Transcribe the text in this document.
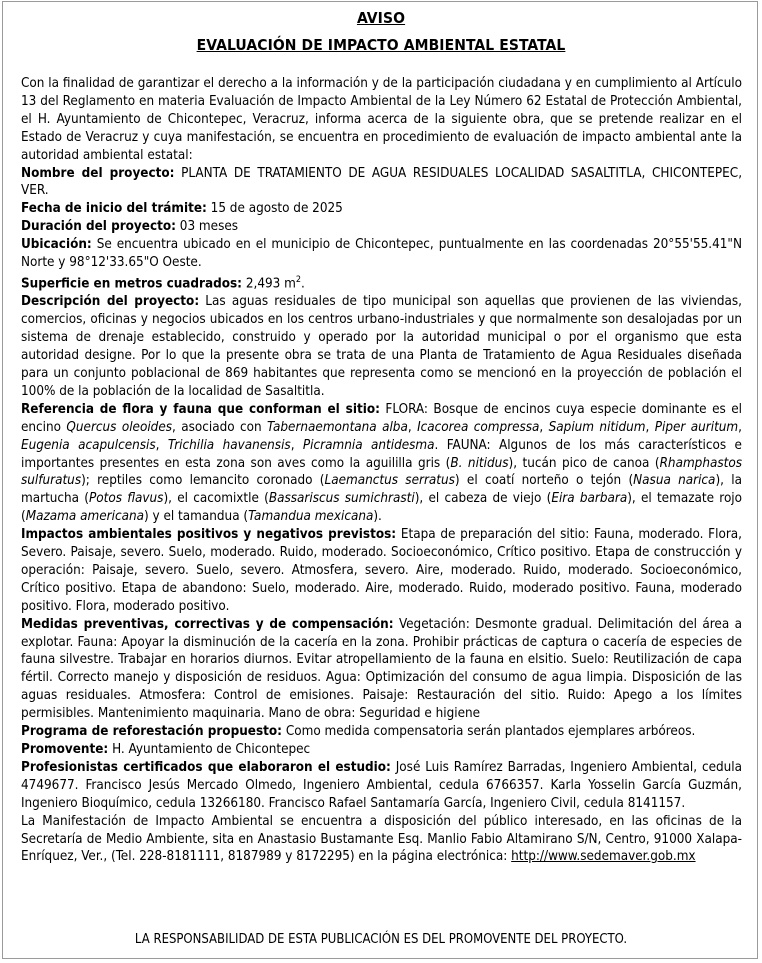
AVISO
EVALUACIÓN DE IMPACTO AMBIENTAL ESTATAL

Con la finalidad de garantizar el derecho a la información y de la participación ciudadana y en cumplimiento al Artículo 13 del Reglamento en materia Evaluación de Impacto Ambiental de la Ley Número 62 Estatal de Protección Ambiental, el H. Ayuntamiento de Chicontepec, Veracruz, informa acerca de la siguiente obra, que se pretende realizar en el Estado de Veracruz y cuya manifestación, se encuentra en procedimiento de evaluación de impacto ambiental ante la autoridad ambiental estatal:

Nombre del proyecto: PLANTA DE TRATAMIENTO DE AGUA RESIDUALES LOCALIDAD SASALTITLA, CHICONTEPEC, VER.

Fecha de inicio del trámite: 15 de agosto de 2025

Duración del proyecto: 03 meses

Ubicación: Se encuentra ubicado en el municipio de Chicontepec, puntualmente en las coordenadas 20°55'55.41"N Norte y 98°12'33.65"O Oeste.

Superficie en metros cuadrados: 2,493 $m^2$.

Descripción del proyecto: Las aguas residuales de tipo municipal son aquellas que provienen de las viviendas, comercios, oficinas y negocios ubicados en los centros urbano-industriales y que normalmente son desalojadas por un sistema de drenaje establecido, construido y operado por la autoridad municipal o por el organismo que esta autoridad designe. Por lo que la presente obra se trata de una Planta de Tratamiento de Agua Residuales diseñada para un conjunto poblacional de 869 habitantes que representa como se mencionó en la proyección de población el 100% de la población de la localidad de Sasaltitla.

Referencia de flora y fauna que conforman el sitio: FLORA: Bosque de encinos cuya especie dominante es el encino Quercus oleoides, asociado con Tabernaemontana alba, Icacorea compressa, Sapium nitidum, Piper auritum, Eugenia acapulcensis, Trichilia havanensis, Picramnia antidesma. FAUNA: Algunos de los más característicos e importantes presentes en esta zona son aves como la aguililla gris (B. nitidus), tucán pico de canoa (Rhamphastos sulfuratus); reptiles como lemancito coronado (Laemanctus serratus) el coatí norteño o tejón (Nasua narica), la martucha (Potos flavus), el cacomixtle (Bassariscus sumichrasti), el cabeza de viejo (Eira barbara), el temazate rojo (Mazama americana) y el tamandua (Tamandua mexicana).

Impactos ambientales positivos y negativos previstos: Etapa de preparación del sitio: Fauna, moderado. Flora, Severo. Paisaje, severo. Suelo, moderado. Ruido, moderado. Socioeconómico, Crítico positivo. Etapa de construcción y operación: Paisaje, severo. Suelo, severo. Atmosfera, severo. Aire, moderado. Ruido, moderado. Socioeconómico, Crítico positivo. Etapa de abandono: Suelo, moderado. Aire, moderado. Ruido, moderado positivo. Fauna, moderado positivo. Flora, moderado positivo.

Medidas preventivas, correctivas y de compensación: Vegetación: Desmonte gradual. Delimitación del área a explotar. Fauna: Apoyar la disminución de la cacería en la zona. Prohibir prácticas de captura o cacería de especies de fauna silvestre. Trabajar en horarios diurnos. Evitar atropellamiento de la fauna en elsitio. Suelo: Reutilización de capa fértil. Correcto manejo y disposición de residuos. Agua: Optimización del consumo de agua limpia. Disposición de las aguas residuales. Atmosfera: Control de emisiones. Paisaje: Restauración del sitio. Ruido: Apego a los límites permisibles. Mantenimiento maquinaria. Mano de obra: Seguridad e higiene

Programa de reforestación propuesto: Como medida compensatoria serán plantados ejemplares arbóreos.

Promovente: H. Ayuntamiento de Chicontepec

Profesionistas certificados que elaboraron el estudio: José Luis Ramírez Barradas, Ingeniero Ambiental, cedula 4749677. Francisco Jesús Mercado Olmedo, Ingeniero Ambiental, cedula 6766357. Karla Yosselin García Guzmán, Ingeniero Bioquímico, cedula 13266180. Francisco Rafael Santamaría García, Ingeniero Civil, cedula 8141157.

La Manifestación de Impacto Ambiental se encuentra a disposición del público interesado, en las oficinas de la Secretaría de Medio Ambiente, sita en Anastasio Bustamante Esq. Manlio Fabio Altamirano S/N, Centro, 91000 Xalapa-Enríquez, Ver., (Tel. 228-8181111, 8187989 y 8172295) en la página electrónica: http://www.sedemaver.gob.mx

LA RESPONSABILIDAD DE ESTA PUBLICACIÓN ES DEL PROMOVENTE DEL PROYECTO.
